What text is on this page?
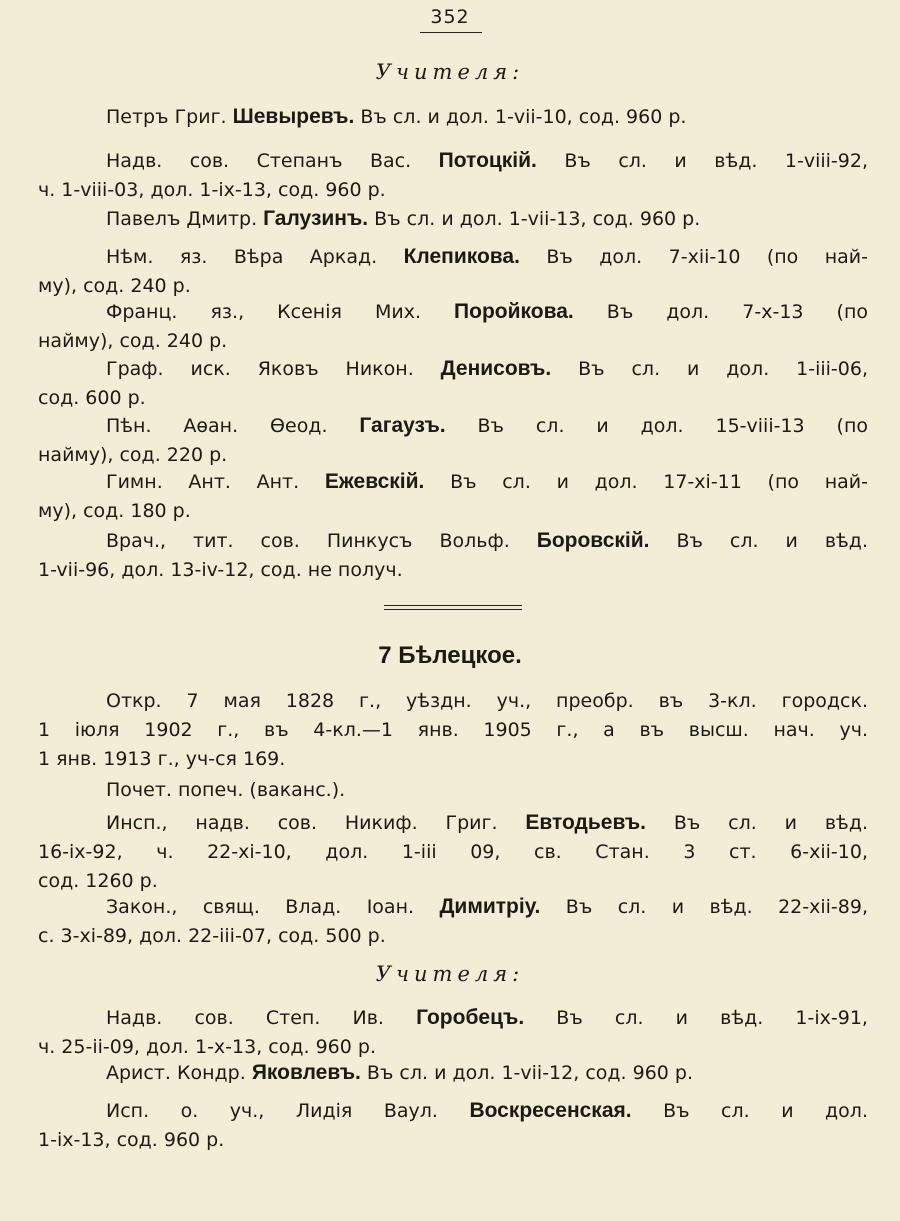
352
Учителя:
Петръ Григ. Шевыревъ. Въ сл. и дол. 1-vii-10, сод. 960 р.
Надв. сов. Степанъ Вас. Потоцкій. Въ сл. и вѣд. 1-viii-92,
ч. 1-viii-03, дол. 1-ix-13, сод. 960 р.
Павелъ Дмитр. Галузинъ. Въ сл. и дол. 1-vii-13, сод. 960 р.
Нѣм. яз. Вѣра Аркад. Клепикова. Въ дол. 7-xii-10 (по най-
му), сод. 240 р.
Франц. яз., Ксенія Мих. Поройкова. Въ дол. 7-x-13 (по
найму), сод. 240 р.
Граф. иск. Яковъ Никон. Денисовъ. Въ сл. и дол. 1-iii-06,
сод. 600 р.
Пѣн. Аѳан. Ѳеод. Гагаузъ. Въ сл. и дол. 15-viii-13 (по
найму), сод. 220 р.
Гимн. Ант. Ант. Ежевскій. Въ сл. и дол. 17-xi-11 (по най-
му), сод. 180 р.
Врач., тит. сов. Пинкусъ Вольф. Боровскій. Въ сл. и вѣд.
1-vii-96, дол. 13-iv-12, сод. не получ.
7 Бѣлецкое.
Откр. 7 мая 1828 г., уѣздн. уч., преобр. въ 3-кл. городск.
1 іюля 1902 г., въ 4-кл.—1 янв. 1905 г., а въ высш. нач. уч.
1 янв. 1913 г., уч-ся 169.
Почет. попеч. (ваканс.).
Инсп., надв. сов. Никиф. Григ. Евтодьевъ. Въ сл. и вѣд.
16-ix-92, ч. 22-xi-10, дол. 1-iii 09, св. Стан. 3 ст. 6-xii-10,
сод. 1260 р.
Закон., свящ. Влад. Іоан. Димитріу. Въ сл. и вѣд. 22-xii-89,
с. 3-xi-89, дол. 22-iii-07, сод. 500 р.
Учителя:
Надв. сов. Степ. Ив. Горобецъ. Въ сл. и вѣд. 1-ix-91,
ч. 25-ii-09, дол. 1-x-13, сод. 960 р.
Арист. Кондр. Яковлевъ. Въ сл. и дол. 1-vii-12, сод. 960 р.
Исп. о. уч., Лидія Ваул. Воскресенская. Въ сл. и дол.
1-ix-13, сод. 960 р.
